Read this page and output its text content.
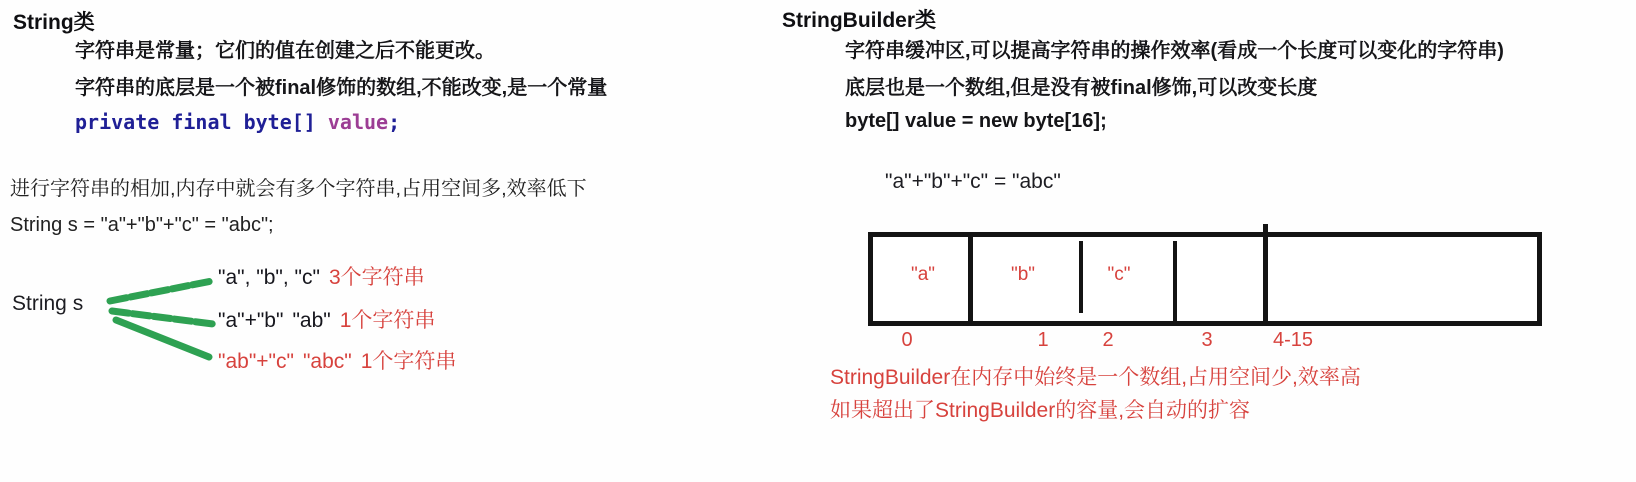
String类
字符串是常量；它们的值在创建之后不能更改。
字符串的底层是一个被final修饰的数组,不能改变,是一个常量
private final byte[] value;
进行字符串的相加,内存中就会有多个字符串,占用空间多,效率低下
String s = "a"+"b"+"c" = "abc";
String s
"a", "b", "c" 3个字符串
"a"+"b" "ab" 1个字符串
"ab"+"c" "abc" 1个字符串
StringBuilder类
字符串缓冲区,可以提高字符串的操作效率(看成一个长度可以变化的字符串)
底层也是一个数组,但是没有被final修饰,可以改变长度
byte[] value = new byte[16];
"a"+"b"+"c" = "abc"
"a"	"b"	"c"
0	1	2	3	4-15
StringBuilder在内存中始终是一个数组,占用空间少,效率高
如果超出了StringBuilder的容量,会自动的扩容
